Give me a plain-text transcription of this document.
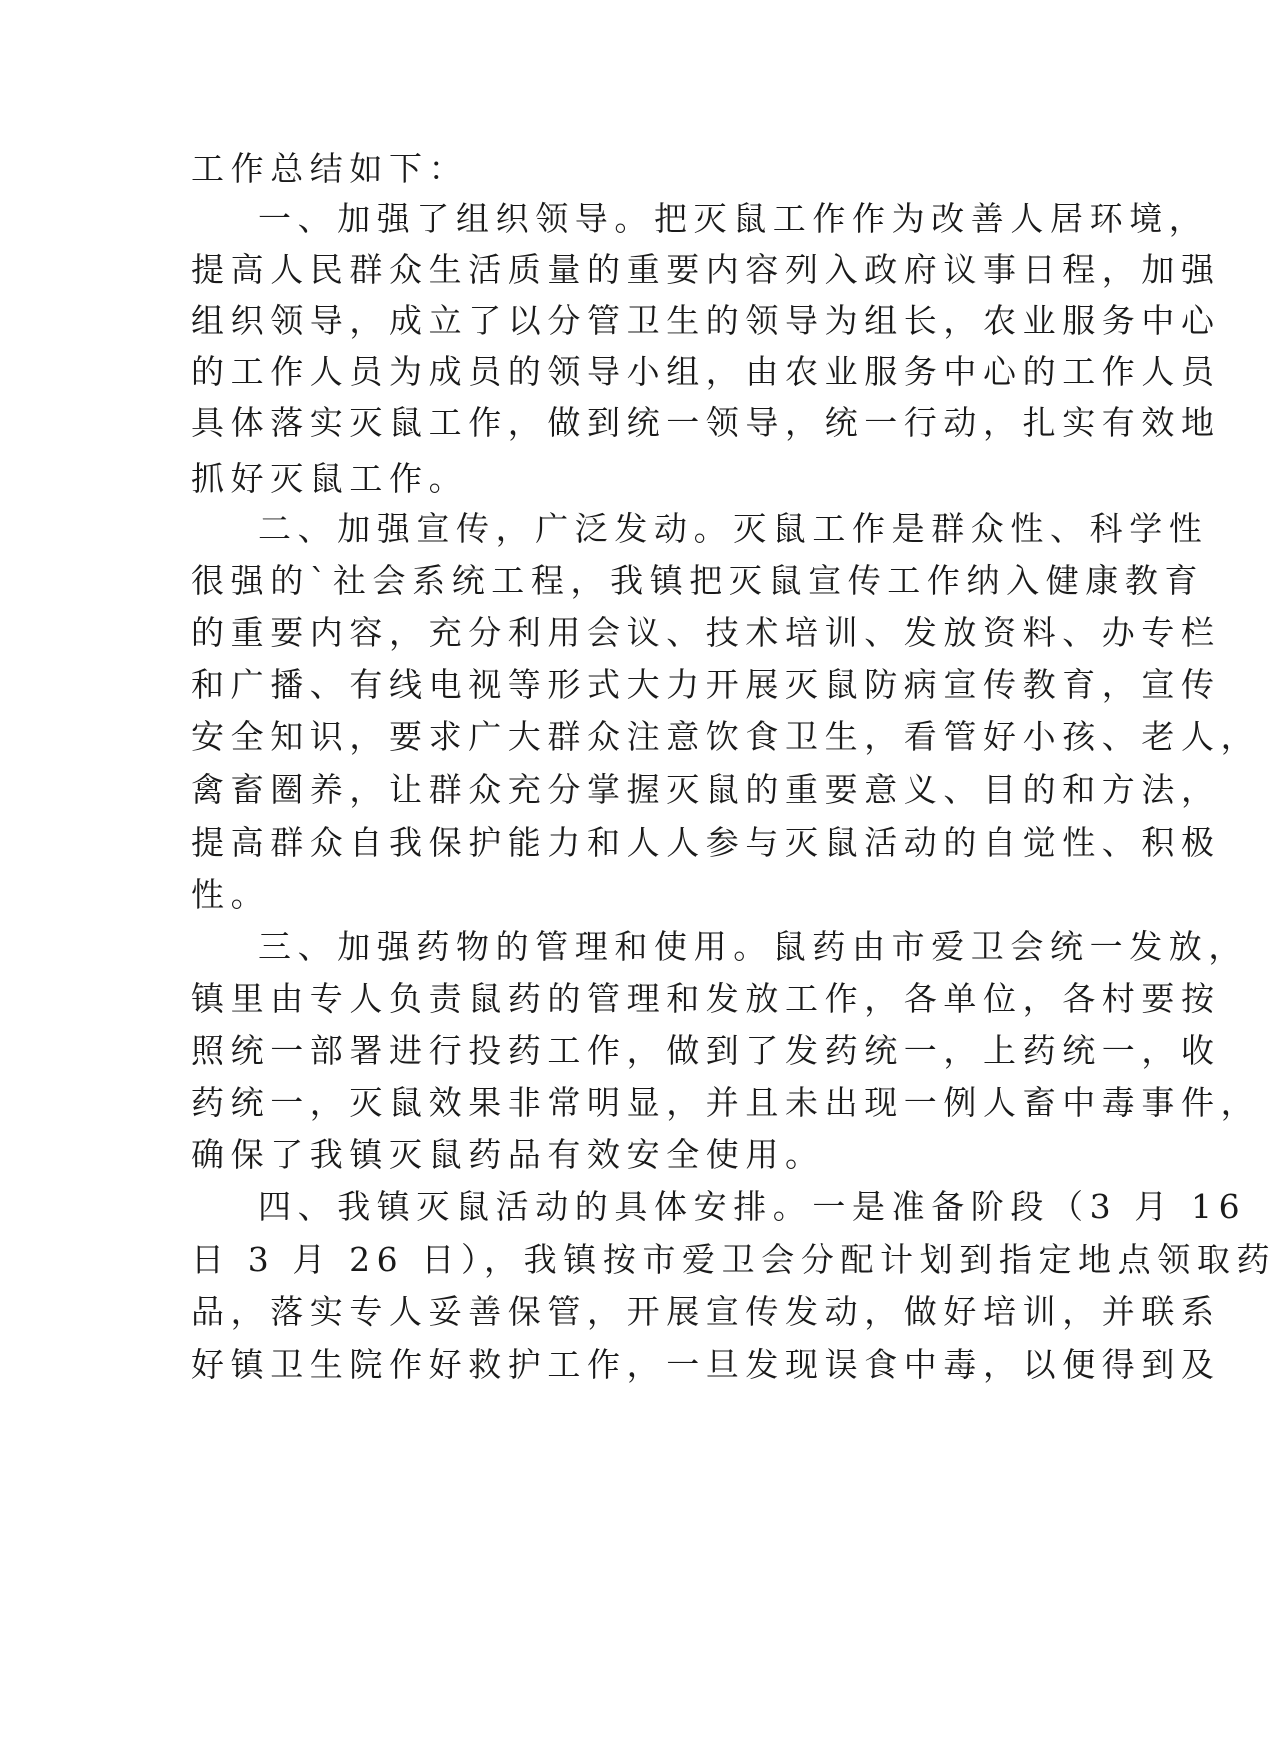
工作总结如下：
一、加强了组织领导。把灭鼠工作作为改善人居环境，
提高人民群众生活质量的重要内容列入政府议事日程，加强
组织领导，成立了以分管卫生的领导为组长，农业服务中心
的工作人员为成员的领导小组，由农业服务中心的工作人员
具体落实灭鼠工作，做到统一领导，统一行动，扎实有效地
抓好灭鼠工作。
二、加强宣传，广泛发动。灭鼠工作是群众性、科学性
很强的`社会系统工程，我镇把灭鼠宣传工作纳入健康教育
的重要内容，充分利用会议、技术培训、发放资料、办专栏
和广播、有线电视等形式大力开展灭鼠防病宣传教育，宣传
安全知识，要求广大群众注意饮食卫生，看管好小孩、老人，
禽畜圈养，让群众充分掌握灭鼠的重要意义、目的和方法，
提高群众自我保护能力和人人参与灭鼠活动的自觉性、积极
性。
三、加强药物的管理和使用。鼠药由市爱卫会统一发放，
镇里由专人负责鼠药的管理和发放工作，各单位，各村要按
照统一部署进行投药工作，做到了发药统一，上药统一，收
药统一，灭鼠效果非常明显，并且未出现一例人畜中毒事件，
确保了我镇灭鼠药品有效安全使用。
四、我镇灭鼠活动的具体安排。一是准备阶段（3 月 16
日 3 月 26 日），我镇按市爱卫会分配计划到指定地点领取药
品，落实专人妥善保管，开展宣传发动，做好培训，并联系
好镇卫生院作好救护工作，一旦发现误食中毒，以便得到及
